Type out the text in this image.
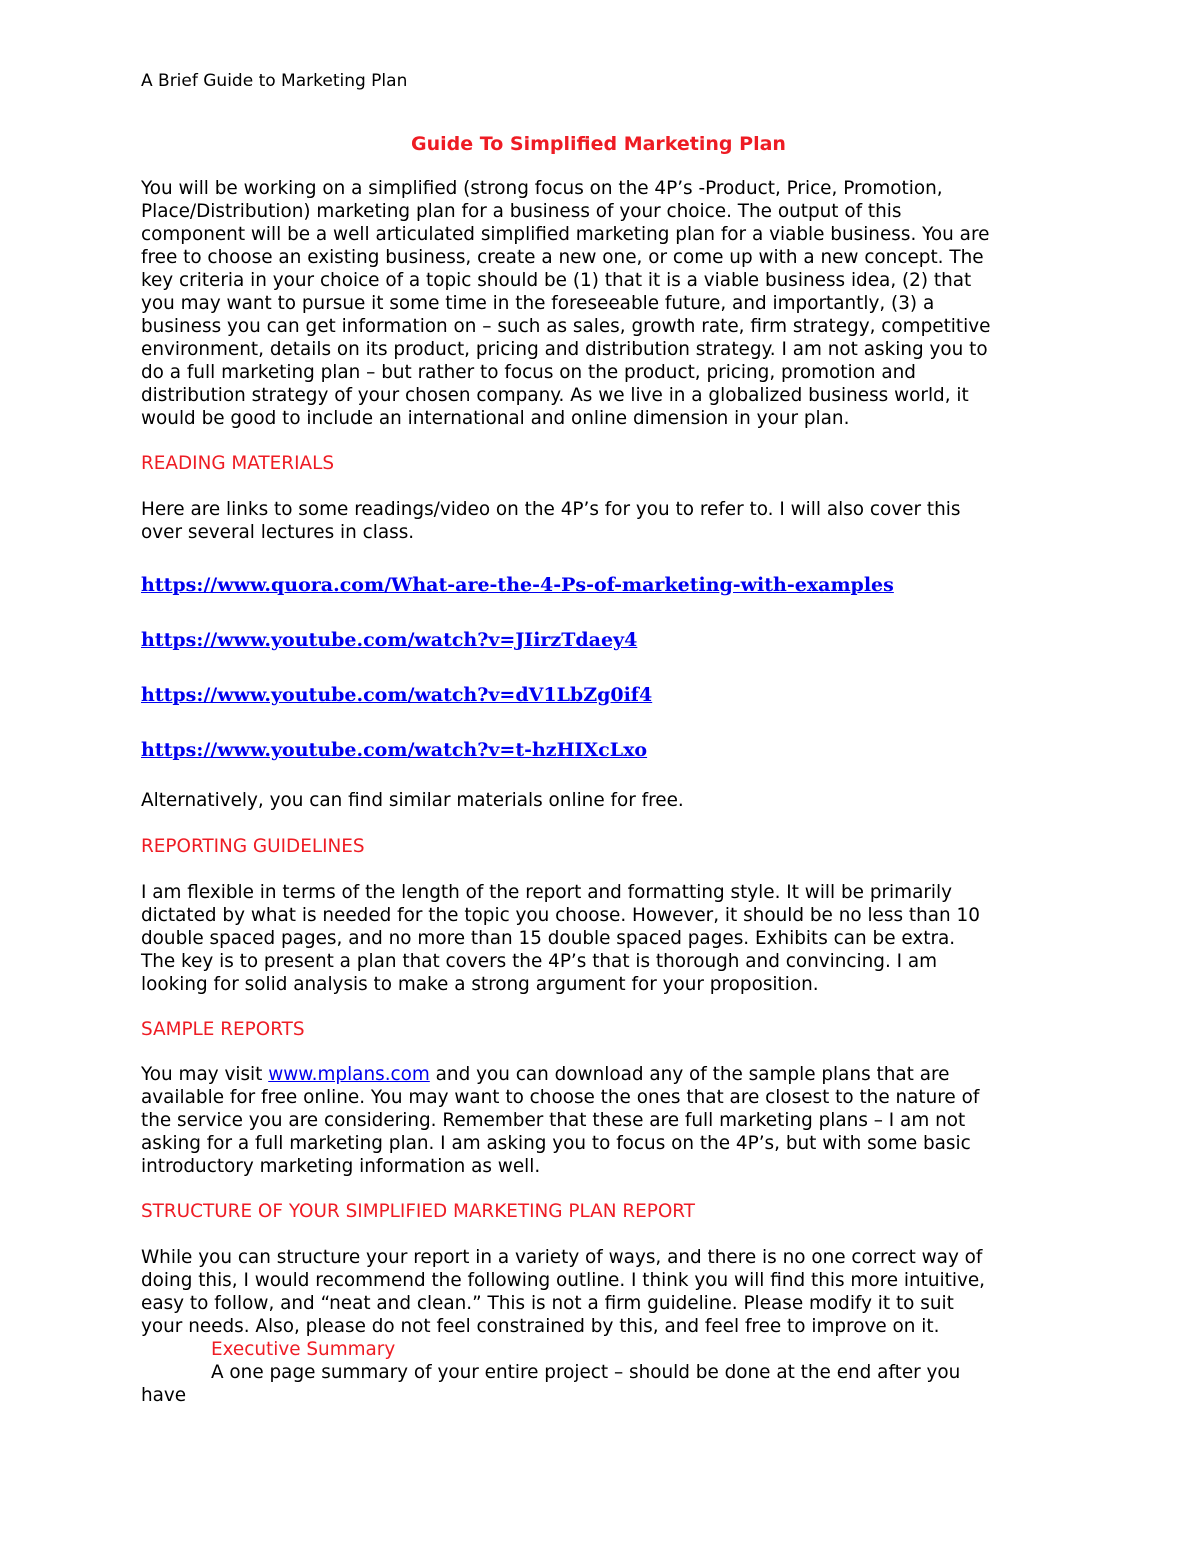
A Brief Guide to Marketing Plan
Guide To Simplified Marketing Plan
You will be working on a simplified (strong focus on the 4P’s -Product, Price, Promotion,
Place/Distribution) marketing plan for a business of your choice. The output of this
component will be a well articulated simplified marketing plan for a viable business. You are
free to choose an existing business, create a new one, or come up with a new concept. The
key criteria in your choice of a topic should be (1) that it is a viable business idea, (2) that
you may want to pursue it some time in the foreseeable future, and importantly, (3) a
business you can get information on – such as sales, growth rate, firm strategy, competitive
environment, details on its product, pricing and distribution strategy. I am not asking you to
do a full marketing plan – but rather to focus on the product, pricing, promotion and
distribution strategy of your chosen company. As we live in a globalized business world, it
would be good to include an international and online dimension in your plan.
READING MATERIALS
Here are links to some readings/video on the 4P’s for you to refer to. I will also cover this
over several lectures in class.
https://www.quora.com/What-are-the-4-Ps-of-marketing-with-examples
https://www.youtube.com/watch?v=JIirzTdaey4
https://www.youtube.com/watch?v=dV1LbZg0if4
https://www.youtube.com/watch?v=t-hzHIXcLxo
Alternatively, you can find similar materials online for free.
REPORTING GUIDELINES
I am flexible in terms of the length of the report and formatting style. It will be primarily
dictated by what is needed for the topic you choose. However, it should be no less than 10
double spaced pages, and no more than 15 double spaced pages. Exhibits can be extra.
The key is to present a plan that covers the 4P’s that is thorough and convincing. I am
looking for solid analysis to make a strong argument for your proposition.
SAMPLE REPORTS
You may visit www.mplans.com and you can download any of the sample plans that are
available for free online. You may want to choose the ones that are closest to the nature of
the service you are considering. Remember that these are full marketing plans – I am not
asking for a full marketing plan. I am asking you to focus on the 4P’s, but with some basic
introductory marketing information as well.
STRUCTURE OF YOUR SIMPLIFIED MARKETING PLAN REPORT
While you can structure your report in a variety of ways, and there is no one correct way of
doing this, I would recommend the following outline. I think you will find this more intuitive,
easy to follow, and “neat and clean.” This is not a firm guideline. Please modify it to suit
your needs. Also, please do not feel constrained by this, and feel free to improve on it.
Executive Summary
A one page summary of your entire project – should be done at the end after you
have
